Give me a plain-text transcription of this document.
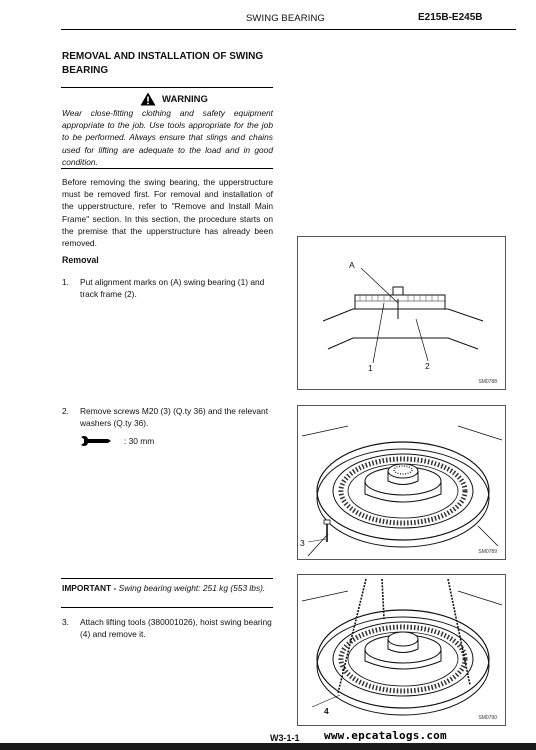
SWING BEARING	E215B-E245B
REMOVAL AND INSTALLATION OF SWING BEARING
WARNING
Wear close-fitting clothing and safety equipment appropriate to the job. Use tools appropriate for the job to be performed. Always ensure that slings and chains used for lifting are adequate to the load and in good condition.
Before removing the swing bearing, the upperstructure must be removed first. For removal and installation of the upperstructure, refer to "Remove and Install Main Frame" section. In this section, the procedure starts on the premise that the upperstructure has already been removed.
Removal
1.	Put alignment marks on (A) swing bearing (1) and track frame (2).
2.	Remove screws M20 (3) (Q.ty 36) and the relevant washers (Q.ty 36).
: 30 mm
IMPORTANT - Swing bearing weight: 251 kg (553 lbs).
3.	Attach lifting tools (380001026), hoist swing bearing (4) and remove it.
A
1	2
SM0788
3
SM0789
4
SM0790
W3-1-1 www.epcatalogs.com
